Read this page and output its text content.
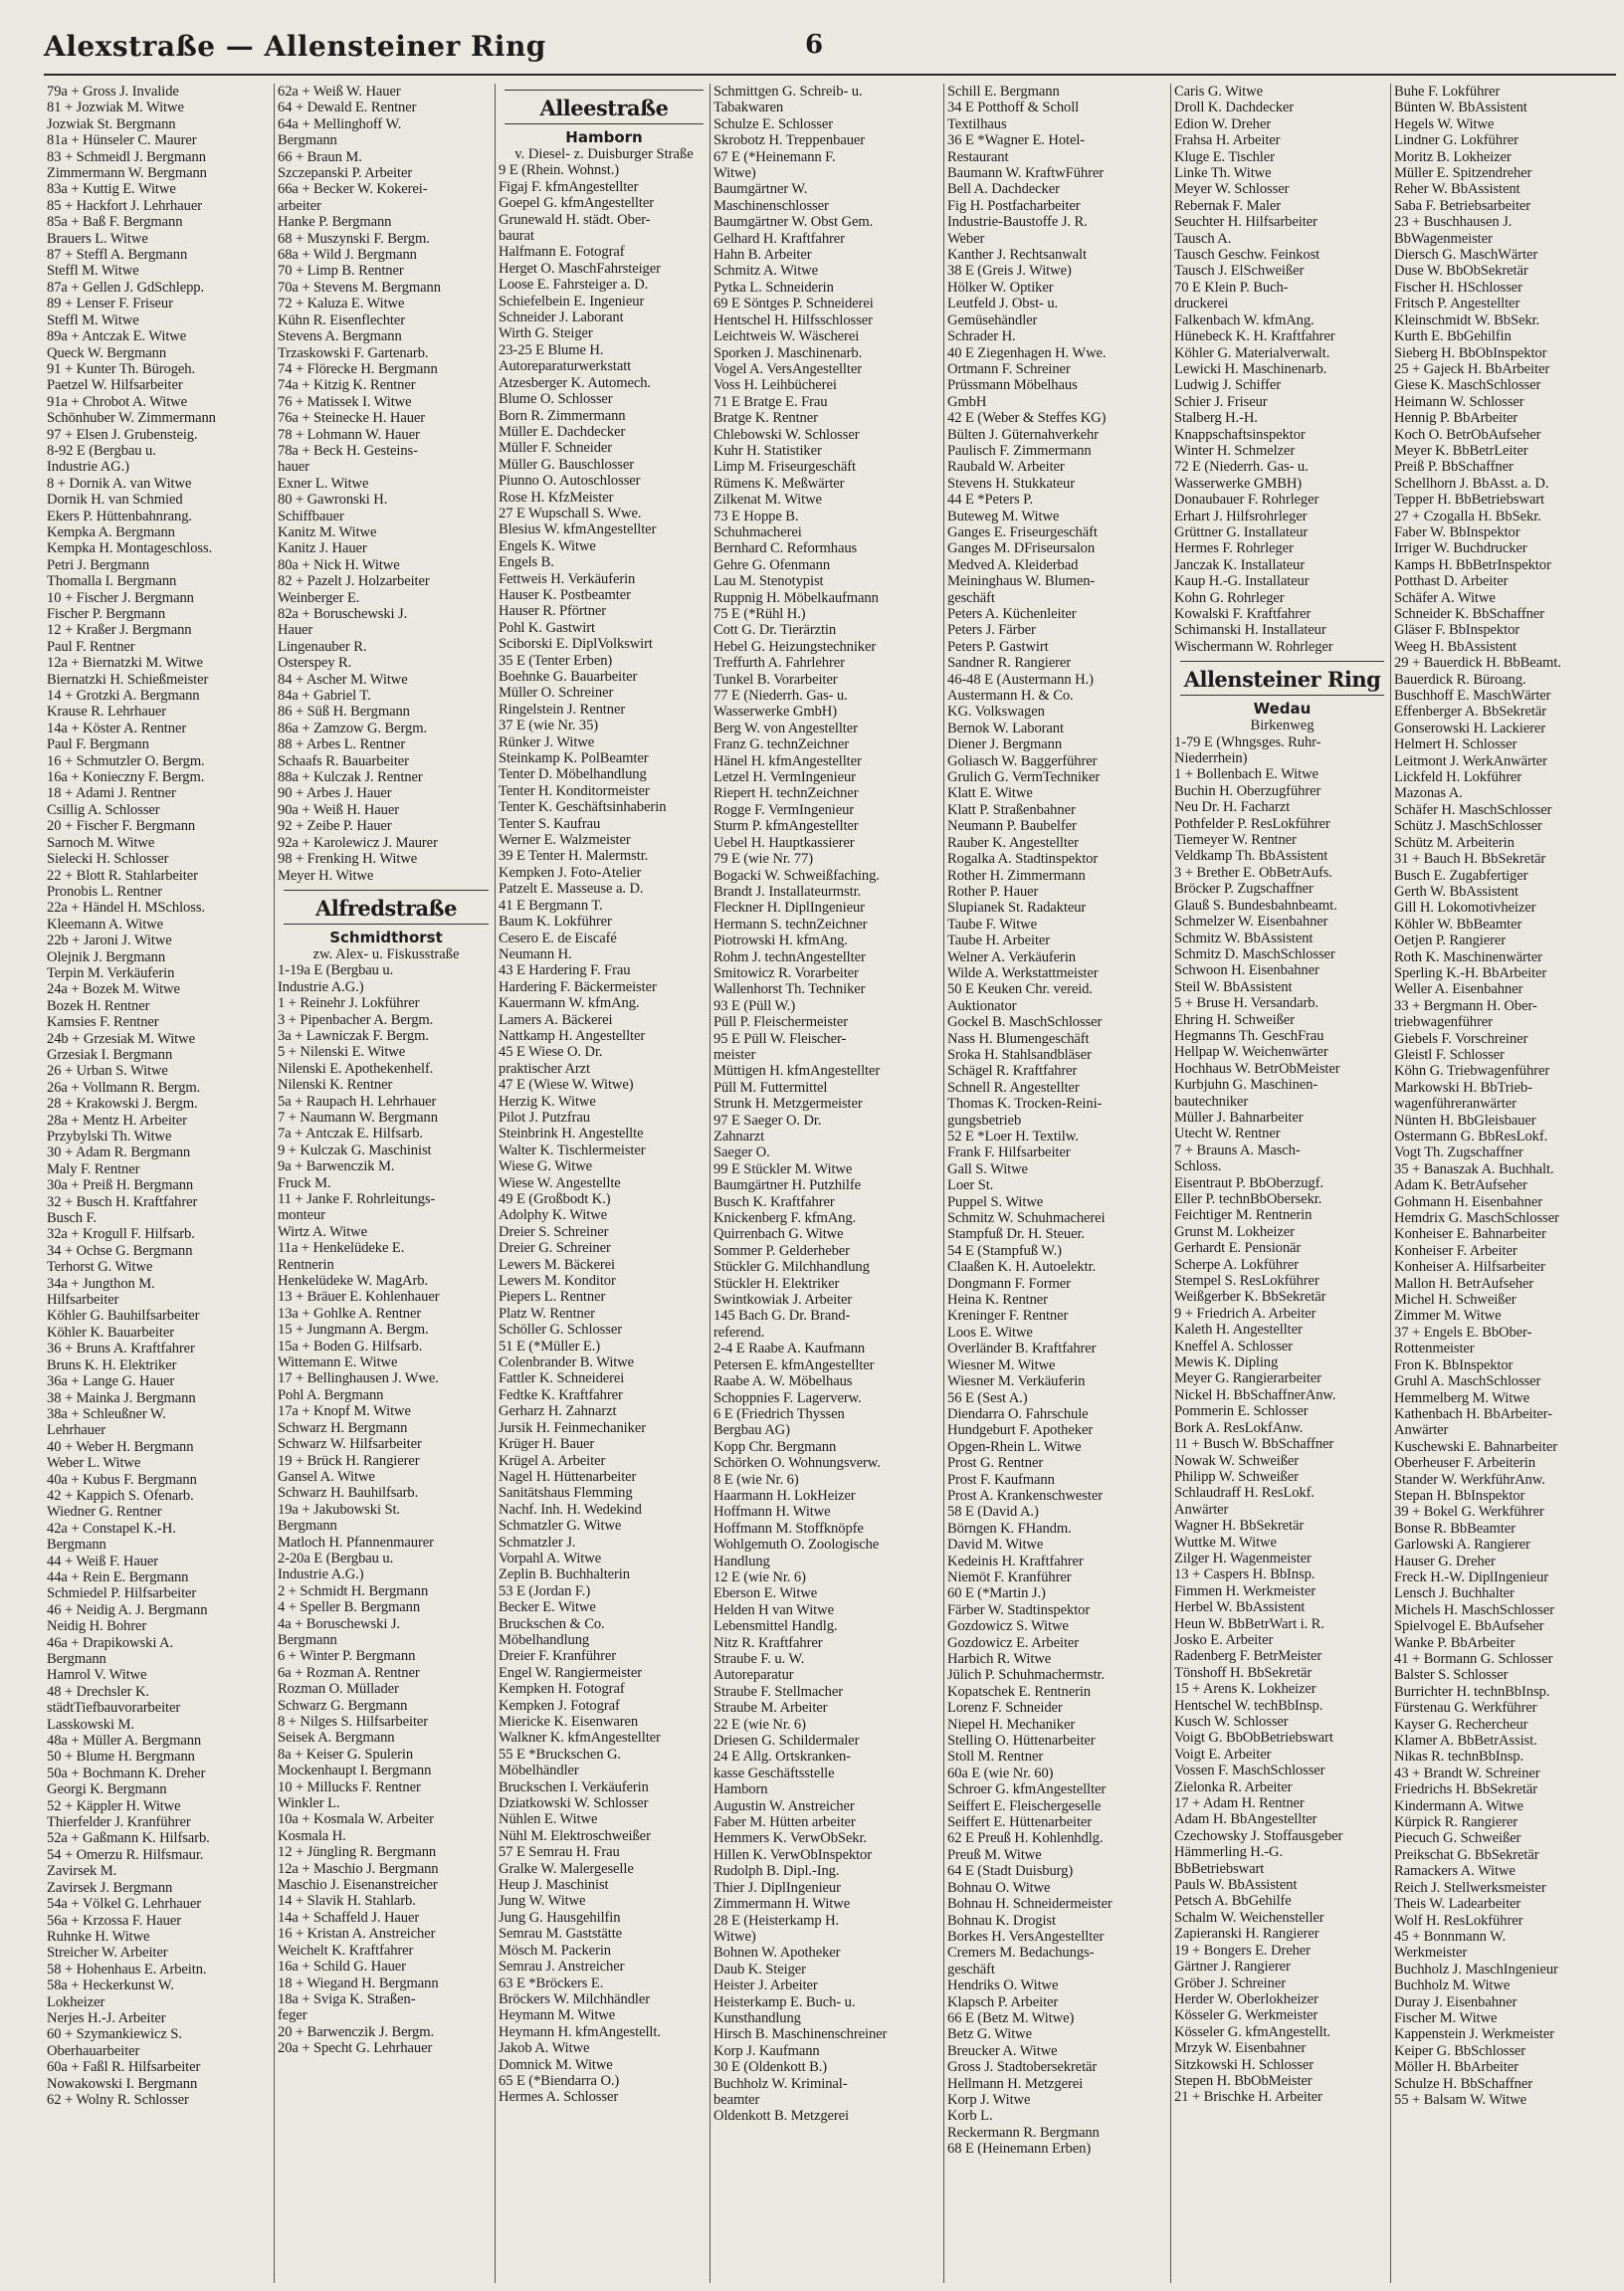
Alexstraße — Allensteiner Ring	6
79a + Gross J. Invalide
81 + Jozwiak M. Witwe
Jozwiak St. Bergmann
81a + Hünseler C. Maurer
83 + Schmeidl J. Bergmann
Zimmermann W. Bergmann
83a + Kuttig E. Witwe
85 + Hackfort J. Lehrhauer
85a + Baß F. Bergmann
Brauers L. Witwe
87 + Steffl A. Bergmann
Steffl M. Witwe
87a + Gellen J. GdSchlepp.
89 + Lenser F. Friseur
Steffl M. Witwe
89a + Antczak E. Witwe
Queck W. Bergmann
91 + Kunter Th. Bürogeh.
Paetzel W. Hilfsarbeiter
91a + Chrobot A. Witwe
Schönhuber W. Zimmermann
97 + Elsen J. Grubensteig.
8-92 E (Bergbau u.
Industrie AG.)
8 + Dornik A. van Witwe
Dornik H. van Schmied
Ekers P. Hüttenbahnrang.
Kempka A. Bergmann
Kempka H. Montageschloss.
Petri J. Bergmann
Thomalla I. Bergmann
10 + Fischer J. Bergmann
Fischer P. Bergmann
12 + Kraßer J. Bergmann
Paul F. Rentner
12a + Biernatzki M. Witwe
Biernatzki H. Schießmeister
14 + Grotzki A. Bergmann
Krause R. Lehrhauer
14a + Köster A. Rentner
Paul F. Bergmann
16 + Schmutzler O. Bergm.
16a + Konieczny F. Bergm.
18 + Adami J. Rentner
Csillig A. Schlosser
20 + Fischer F. Bergmann
Sarnoch M. Witwe
Sielecki H. Schlosser
22 + Blott R. Stahlarbeiter
Pronobis L. Rentner
22a + Händel H. MSchloss.
Kleemann A. Witwe
22b + Jaroni J. Witwe
Olejnik J. Bergmann
Terpin M. Verkäuferin
24a + Bozek M. Witwe
Bozek H. Rentner
Kamsies F. Rentner
24b + Grzesiak M. Witwe
Grzesiak I. Bergmann
26 + Urban S. Witwe
26a + Vollmann R. Bergm.
28 + Krakowski J. Bergm.
28a + Mentz H. Arbeiter
Przybylski Th. Witwe
30 + Adam R. Bergmann
Maly F. Rentner
30a + Preiß H. Bergmann
32 + Busch H. Kraftfahrer
Busch F.
32a + Krogull F. Hilfsarb.
34 + Ochse G. Bergmann
Terhorst G. Witwe
34a + Jungthon M.
Hilfsarbeiter
Köhler G. Bauhilfsarbeiter
Köhler K. Bauarbeiter
36 + Bruns A. Kraftfahrer
Bruns K. H. Elektriker
36a + Lange G. Hauer
38 + Mainka J. Bergmann
38a + Schleußner W.
Lehrhauer
40 + Weber H. Bergmann
Weber L. Witwe
40a + Kubus F. Bergmann
42 + Kappich S. Ofenarb.
Wiedner G. Rentner
42a + Constapel K.-H.
Bergmann
44 + Weiß F. Hauer
44a + Rein E. Bergmann
Schmiedel P. Hilfsarbeiter
46 + Neidig A. J. Bergmann
Neidig H. Bohrer
46a + Drapikowski A.
Bergmann
Hamrol V. Witwe
48 + Drechsler K.
städtTiefbauvorarbeiter
Lasskowski M.
48a + Müller A. Bergmann
50 + Blume H. Bergmann
50a + Bochmann K. Dreher
Georgi K. Bergmann
52 + Käppler H. Witwe
Thierfelder J. Kranführer
52a + Gaßmann K. Hilfsarb.
54 + Omerzu R. Hilfsmaur.
Zavirsek M.
Zavirsek J. Bergmann
54a + Völkel G. Lehrhauer
56a + Krzossa F. Hauer
Ruhnke H. Witwe
Streicher W. Arbeiter
58 + Hohenhaus E. Arbeitn.
58a + Heckerkunst W.
Lokheizer
Nerjes H.-J. Arbeiter
60 + Szymankiewicz S.
Oberhauarbeiter
60a + Faßl R. Hilfsarbeiter
Nowakowski I. Bergmann
62 + Wolny R. Schlosser
62a + Weiß W. Hauer
64 + Dewald E. Rentner
64a + Mellinghoff W.
Bergmann
66 + Braun M.
Szczepanski P. Arbeiter
66a + Becker W. Kokerei-
arbeiter
Hanke P. Bergmann
68 + Muszynski F. Bergm.
68a + Wild J. Bergmann
70 + Limp B. Rentner
70a + Stevens M. Bergmann
72 + Kaluza E. Witwe
Kühn R. Eisenflechter
Stevens A. Bergmann
Trzaskowski F. Gartenarb.
74 + Flörecke H. Bergmann
74a + Kitzig K. Rentner
76 + Matissek I. Witwe
76a + Steinecke H. Hauer
78 + Lohmann W. Hauer
78a + Beck H. Gesteins-
hauer
Exner L. Witwe
80 + Gawronski H.
Schiffbauer
Kanitz M. Witwe
Kanitz J. Hauer
80a + Nick H. Witwe
82 + Pazelt J. Holzarbeiter
Weinberger E.
82a + Boruschewski J.
Hauer
Lingenauber R.
Osterspey R.
84 + Ascher M. Witwe
84a + Gabriel T.
86 + Süß H. Bergmann
86a + Zamzow G. Bergm.
88 + Arbes L. Rentner
Schaafs R. Bauarbeiter
88a + Kulczak J. Rentner
90 + Arbes J. Hauer
90a + Weiß H. Hauer
92 + Zeibe P. Hauer
92a + Karolewicz J. Maurer
98 + Frenking H. Witwe
Meyer H. Witwe
Alfredstraße
Schmidthorst
zw. Alex- u. Fiskusstraße
1-19a E (Bergbau u.
Industrie A.G.)
1 + Reinehr J. Lokführer
3 + Pipenbacher A. Bergm.
3a + Lawniczak F. Bergm.
5 + Nilenski E. Witwe
Nilenski E. Apothekenhelf.
Nilenski K. Rentner
5a + Raupach H. Lehrhauer
7 + Naumann W. Bergmann
7a + Antczak E. Hilfsarb.
9 + Kulczak G. Maschinist
9a + Barwenczik M.
Fruck M.
11 + Janke F. Rohrleitungs-
monteur
Wirtz A. Witwe
11a + Henkelüdeke E.
Rentnerin
Henkelüdeke W. MagArb.
13 + Bräuer E. Kohlenhauer
13a + Gohlke A. Rentner
15 + Jungmann A. Bergm.
15a + Boden G. Hilfsarb.
Wittemann E. Witwe
17 + Bellinghausen J. Wwe.
Pohl A. Bergmann
17a + Knopf M. Witwe
Schwarz H. Bergmann
Schwarz W. Hilfsarbeiter
19 + Brück H. Rangierer
Gansel A. Witwe
Schwarz H. Bauhilfsarb.
19a + Jakubowski St.
Bergmann
Matloch H. Pfannenmaurer
2-20a E (Bergbau u.
Industrie A.G.)
2 + Schmidt H. Bergmann
4 + Speller B. Bergmann
4a + Boruschewski J.
Bergmann
6 + Winter P. Bergmann
6a + Rozman A. Rentner
Rozman O. Müllader
Schwarz G. Bergmann
8 + Nilges S. Hilfsarbeiter
Seisek A. Bergmann
8a + Keiser G. Spulerin
Mockenhaupt I. Bergmann
10 + Millucks F. Rentner
Winkler L.
10a + Kosmala W. Arbeiter
Kosmala H.
12 + Jüngling R. Bergmann
12a + Maschio J. Bergmann
Maschio J. Eisenanstreicher
14 + Slavik H. Stahlarb.
14a + Schaffeld J. Hauer
16 + Kristan A. Anstreicher
Weichelt K. Kraftfahrer
16a + Schild G. Hauer
18 + Wiegand H. Bergmann
18a + Sviga K. Straßen-
feger
20 + Barwenczik J. Bergm.
20a + Specht G. Lehrhauer
Alleestraße
Hamborn
v. Diesel- z. Duisburger Straße
9 E (Rhein. Wohnst.)
Figaj F. kfmAngestellter
Goepel G. kfmAngestellter
Grunewald H. städt. Ober-
baurat
Halfmann E. Fotograf
Herget O. MaschFahrsteiger
Loose E. Fahrsteiger a. D.
Schiefelbein E. Ingenieur
Schneider J. Laborant
Wirth G. Steiger
23-25 E Blume H.
Autoreparaturwerkstatt
Atzesberger K. Automech.
Blume O. Schlosser
Born R. Zimmermann
Müller E. Dachdecker
Müller F. Schneider
Müller G. Bauschlosser
Piunno O. Autoschlosser
Rose H. KfzMeister
27 E Wupschall S. Wwe.
Blesius W. kfmAngestellter
Engels K. Witwe
Engels B.
Fettweis H. Verkäuferin
Hauser K. Postbeamter
Hauser R. Pförtner
Pohl K. Gastwirt
Sciborski E. DiplVolkswirt
35 E (Tenter Erben)
Boehnke G. Bauarbeiter
Müller O. Schreiner
Ringelstein J. Rentner
37 E (wie Nr. 35)
Rünker J. Witwe
Steinkamp K. PolBeamter
Tenter D. Möbelhandlung
Tenter H. Konditormeister
Tenter K. Geschäftsinhaberin
Tenter S. Kaufrau
Werner E. Walzmeister
39 E Tenter H. Malermstr.
Kempken J. Foto-Atelier
Patzelt E. Masseuse a. D.
41 E Bergmann T.
Baum K. Lokführer
Cesero E. de Eiscafé
Neumann H.
43 E Hardering F. Frau
Hardering F. Bäckermeister
Kauermann W. kfmAng.
Lamers A. Bäckerei
Nattkamp H. Angestellter
45 E Wiese O. Dr.
praktischer Arzt
47 E (Wiese W. Witwe)
Herzig K. Witwe
Pilot J. Putzfrau
Steinbrink H. Angestellte
Walter K. Tischlermeister
Wiese G. Witwe
Wiese W. Angestellte
49 E (Großbodt K.)
Adolphy K. Witwe
Dreier S. Schreiner
Dreier G. Schreiner
Lewers M. Bäckerei
Lewers M. Konditor
Piepers L. Rentner
Platz W. Rentner
Schöller G. Schlosser
51 E (*Müller E.)
Colenbrander B. Witwe
Fattler K. Schneiderei
Fedtke K. Kraftfahrer
Gerharz H. Zahnarzt
Jursik H. Feinmechaniker
Krüger H. Bauer
Krügel A. Arbeiter
Nagel H. Hüttenarbeiter
Sanitätshaus Flemming
Nachf. Inh. H. Wedekind
Schmatzler G. Witwe
Schmatzler J.
Vorpahl A. Witwe
Zeplin B. Buchhalterin
53 E (Jordan F.)
Becker E. Witwe
Bruckschen & Co.
Möbelhandlung
Dreier F. Kranführer
Engel W. Rangiermeister
Kempken H. Fotograf
Kempken J. Fotograf
Miericke K. Eisenwaren
Walkner K. kfmAngestellter
55 E *Bruckschen G.
Möbelhändler
Bruckschen I. Verkäuferin
Dziatkowski W. Schlosser
Nühlen E. Witwe
Nühl M. Elektroschweißer
57 E Semrau H. Frau
Gralke W. Malergeselle
Heup J. Maschinist
Jung W. Witwe
Jung G. Hausgehilfin
Semrau M. Gaststätte
Mösch M. Packerin
Semrau J. Anstreicher
63 E *Bröckers E.
Bröckers W. Milchhändler
Heymann M. Witwe
Heymann H. kfmAngestellt.
Jakob A. Witwe
Domnick M. Witwe
65 E (*Biendarra O.)
Hermes A. Schlosser
Schmittgen G. Schreib- u.
Tabakwaren
Schulze E. Schlosser
Skrobotz H. Treppenbauer
67 E (*Heinemann F.
Witwe)
Baumgärtner W.
Maschinenschlosser
Baumgärtner W. Obst Gem.
Gelhard H. Kraftfahrer
Hahn B. Arbeiter
Schmitz A. Witwe
Pytka L. Schneiderin
69 E Söntges P. Schneiderei
Hentschel H. Hilfsschlosser
Leichtweis W. Wäscherei
Sporken J. Maschinenarb.
Vogel A. VersAngestellter
Voss H. Leihbücherei
71 E Bratge E. Frau
Bratge K. Rentner
Chlebowski W. Schlosser
Kuhr H. Statistiker
Limp M. Friseurgeschäft
Rümens K. Meßwärter
Zilkenat M. Witwe
73 E Hoppe B.
Schuhmacherei
Bernhard C. Reformhaus
Gehre G. Ofenmann
Lau M. Stenotypist
Ruppnig H. Möbelkaufmann
75 E (*Rühl H.)
Cott G. Dr. Tierärztin
Hebel G. Heizungstechniker
Treffurth A. Fahrlehrer
Tunkel B. Vorarbeiter
77 E (Niederrh. Gas- u.
Wasserwerke GmbH)
Berg W. von Angestellter
Franz G. technZeichner
Hänel H. kfmAngestellter
Letzel H. VermIngenieur
Riepert H. technZeichner
Rogge F. VermIngenieur
Sturm P. kfmAngestellter
Uebel H. Hauptkassierer
79 E (wie Nr. 77)
Bogacki W. Schweißfaching.
Brandt J. Installateurmstr.
Fleckner H. DiplIngenieur
Hermann S. technZeichner
Piotrowski H. kfmAng.
Rohm J. technAngestellter
Smitowicz R. Vorarbeiter
Wallenhorst Th. Techniker
93 E (Püll W.)
Püll P. Fleischermeister
95 E Püll W. Fleischer-
meister
Müttigen H. kfmAngestellter
Püll M. Futtermittel
Strunk H. Metzgermeister
97 E Saeger O. Dr.
Zahnarzt
Saeger O.
99 E Stückler M. Witwe
Baumgärtner H. Putzhilfe
Busch K. Kraftfahrer
Knickenberg F. kfmAng.
Quirrenbach G. Witwe
Sommer P. Gelderheber
Stückler G. Milchhandlung
Stückler H. Elektriker
Swintkowiak J. Arbeiter
145 Bach G. Dr. Brand-
referend.
2-4 E Raabe A. Kaufmann
Petersen E. kfmAngestellter
Raabe A. W. Möbelhaus
Schoppnies F. Lagerverw.
6 E (Friedrich Thyssen
Bergbau AG)
Kopp Chr. Bergmann
Schörken O. Wohnungsverw.
8 E (wie Nr. 6)
Haarmann H. LokHeizer
Hoffmann H. Witwe
Hoffmann M. Stoffknöpfe
Wohlgemuth O. Zoologische
Handlung
12 E (wie Nr. 6)
Eberson E. Witwe
Helden H van Witwe
Lebensmittel Handlg.
Nitz R. Kraftfahrer
Straube F. u. W.
Autoreparatur
Straube F. Stellmacher
Straube M. Arbeiter
22 E (wie Nr. 6)
Driesen G. Schildermaler
24 E Allg. Ortskranken-
kasse Geschäftsstelle
Hamborn
Augustin W. Anstreicher
Faber M. Hütten arbeiter
Hemmers K. VerwObSekr.
Hillen K. VerwObInspektor
Rudolph B. Dipl.-Ing.
Thier J. DiplIngenieur
Zimmermann H. Witwe
28 E (Heisterkamp H.
Witwe)
Bohnen W. Apotheker
Daub K. Steiger
Heister J. Arbeiter
Heisterkamp E. Buch- u.
Kunsthandlung
Hirsch B. Maschinenschreiner
Korp J. Kaufmann
30 E (Oldenkott B.)
Buchholz W. Kriminal-
beamter
Oldenkott B. Metzgerei
Schill E. Bergmann
34 E Potthoff & Scholl
Textilhaus
36 E *Wagner E. Hotel-
Restaurant
Baumann W. KraftwFührer
Bell A. Dachdecker
Fig H. Postfacharbeiter
Industrie-Baustoffe J. R.
Weber
Kanther J. Rechtsanwalt
38 E (Greis J. Witwe)
Hölker W. Optiker
Leutfeld J. Obst- u.
Gemüsehändler
Schrader H.
40 E Ziegenhagen H. Wwe.
Ortmann F. Schreiner
Prüssmann Möbelhaus
GmbH
42 E (Weber & Steffes KG)
Bülten J. Güternahverkehr
Paulisch F. Zimmermann
Raubald W. Arbeiter
Stevens H. Stukkateur
44 E *Peters P.
Buteweg M. Witwe
Ganges E. Friseurgeschäft
Ganges M. DFriseursalon
Medved A. Kleiderbad
Meininghaus W. Blumen-
geschäft
Peters A. Küchenleiter
Peters J. Färber
Peters P. Gastwirt
Sandner R. Rangierer
46-48 E (Austermann H.)
Austermann H. & Co.
KG. Volkswagen
Bernok W. Laborant
Diener J. Bergmann
Goliasch W. Baggerführer
Grulich G. VermTechniker
Klatt E. Witwe
Klatt P. Straßenbahner
Neumann P. Baubelfer
Rauber K. Angestellter
Rogalka A. Stadtinspektor
Rother H. Zimmermann
Rother P. Hauer
Slupianek St. Radakteur
Taube F. Witwe
Taube H. Arbeiter
Welner A. Verkäuferin
Wilde A. Werkstattmeister
50 E Keuken Chr. vereid.
Auktionator
Gockel B. MaschSchlosser
Nass H. Blumengeschäft
Sroka H. Stahlsandbläser
Schägel R. Kraftfahrer
Schnell R. Angestellter
Thomas K. Trocken-Reini-
gungsbetrieb
52 E *Loer H. Textilw.
Frank F. Hilfsarbeiter
Gall S. Witwe
Loer St.
Puppel S. Witwe
Schmitz W. Schuhmacherei
Stampfuß Dr. H. Steuer.
54 E (Stampfuß W.)
Claaßen K. H. Autoelektr.
Dongmann F. Former
Heina K. Rentner
Kreninger F. Rentner
Loos E. Witwe
Overländer B. Kraftfahrer
Wiesner M. Witwe
Wiesner M. Verkäuferin
56 E (Sest A.)
Diendarra O. Fahrschule
Hundgeburt F. Apotheker
Opgen-Rhein L. Witwe
Prost G. Rentner
Prost F. Kaufmann
Prost A. Krankenschwester
58 E (David A.)
Börngen K. FHandm.
David M. Witwe
Kedeinis H. Kraftfahrer
Niemöt F. Kranführer
60 E (*Martin J.)
Färber W. Stadtinspektor
Gozdowicz S. Witwe
Gozdowicz E. Arbeiter
Harbich R. Witwe
Jülich P. Schuhmachermstr.
Kopatschek E. Rentnerin
Lorenz F. Schneider
Niepel H. Mechaniker
Stelling O. Hüttenarbeiter
Stoll M. Rentner
60a E (wie Nr. 60)
Schroer G. kfmAngestellter
Seiffert E. Fleischergeselle
Seiffert E. Hüttenarbeiter
62 E Preuß H. Kohlenhdlg.
Preuß M. Witwe
64 E (Stadt Duisburg)
Bohnau O. Witwe
Bohnau H. Schneidermeister
Bohnau K. Drogist
Borkes H. VersAngestellter
Cremers M. Bedachungs-
geschäft
Hendriks O. Witwe
Klapsch P. Arbeiter
66 E (Betz M. Witwe)
Betz G. Witwe
Breucker A. Witwe
Gross J. Stadtobersekretär
Hellmann H. Metzgerei
Korp J. Witwe
Korb L.
Reckermann R. Bergmann
68 E (Heinemann Erben)
Caris G. Witwe
Droll K. Dachdecker
Edion W. Dreher
Frahsa H. Arbeiter
Kluge E. Tischler
Linke Th. Witwe
Meyer W. Schlosser
Rebernak F. Maler
Seuchter H. Hilfsarbeiter
Tausch A.
Tausch Geschw. Feinkost
Tausch J. ElSchweißer
70 E Klein P. Buch-
druckerei
Falkenbach W. kfmAng.
Hünebeck K. H. Kraftfahrer
Köhler G. Materialverwalt.
Lewicki H. Maschinenarb.
Ludwig J. Schiffer
Schier J. Friseur
Stalberg H.-H.
Knappschaftsinspektor
Winter H. Schmelzer
72 E (Niederrh. Gas- u.
Wasserwerke GMBH)
Donaubauer F. Rohrleger
Erhart J. Hilfsrohrleger
Grüttner G. Installateur
Hermes F. Rohrleger
Janczak K. Installateur
Kaup H.-G. Installateur
Kohn G. Rohrleger
Kowalski F. Kraftfahrer
Schimanski H. Installateur
Wischermann W. Rohrleger
Allensteiner Ring
Wedau
Birkenweg
1-79 E (Whngsges. Ruhr-
Niederrhein)
1 + Bollenbach E. Witwe
Buchin H. Oberzugführer
Neu Dr. H. Facharzt
Pothfelder P. ResLokführer
Tiemeyer W. Rentner
Veldkamp Th. BbAssistent
3 + Brether E. ObBetrAufs.
Bröcker P. Zugschaffner
Glauß S. Bundesbahnbeamt.
Schmelzer W. Eisenbahner
Schmitz W. BbAssistent
Schmitz D. MaschSchlosser
Schwoon H. Eisenbahner
Steil W. BbAssistent
5 + Bruse H. Versandarb.
Ehring H. Schweißer
Hegmanns Th. GeschFrau
Hellpap W. Weichenwärter
Hochhaus W. BetrObMeister
Kurbjuhn G. Maschinen-
bautechniker
Müller J. Bahnarbeiter
Utecht W. Rentner
7 + Brauns A. Masch-
Schloss.
Eisentraut P. BbOberzugf.
Eller P. technBbObersekr.
Feichtiger M. Rentnerin
Grunst M. Lokheizer
Gerhardt E. Pensionär
Scherpe A. Lokführer
Stempel S. ResLokführer
Weißgerber K. BbSekretär
9 + Friedrich A. Arbeiter
Kaleth H. Angestellter
Kneffel A. Schlosser
Mewis K. Dipling
Meyer G. Rangierarbeiter
Nickel H. BbSchaffnerAnw.
Pommerin E. Schlosser
Bork A. ResLokfAnw.
11 + Busch W. BbSchaffner
Nowak W. Schweißer
Philipp W. Schweißer
Schlaudraff H. ResLokf.
Anwärter
Wagner H. BbSekretär
Wuttke M. Witwe
Zilger H. Wagenmeister
13 + Caspers H. BbInsp.
Fimmen H. Werkmeister
Herbel W. BbAssistent
Heun W. BbBetrWart i. R.
Josko E. Arbeiter
Radenberg F. BetrMeister
Tönshoff H. BbSekretär
15 + Arens K. Lokheizer
Hentschel W. techBbInsp.
Kusch W. Schlosser
Voigt G. BbObBetriebswart
Voigt E. Arbeiter
Vossen F. MaschSchlosser
Zielonka R. Arbeiter
17 + Adam H. Rentner
Adam H. BbAngestellter
Czechowsky J. Stoffausgeber
Hämmerling H.-G.
BbBetriebswart
Pauls W. BbAssistent
Petsch A. BbGehilfe
Schalm W. Weichensteller
Zapieranski H. Rangierer
19 + Bongers E. Dreher
Gärtner J. Rangierer
Gröber J. Schreiner
Herder W. Oberlokheizer
Kösseler G. Werkmeister
Kösseler G. kfmAngestellt.
Mrzyk W. Eisenbahner
Sitzkowski H. Schlosser
Stepen H. BbObMeister
21 + Brischke H. Arbeiter
Buhe F. Lokführer
Bünten W. BbAssistent
Hegels W. Witwe
Lindner G. Lokführer
Moritz B. Lokheizer
Müller E. Spitzendreher
Reher W. BbAssistent
Saba F. Betriebsarbeiter
23 + Buschhausen J.
BbWagenmeister
Diersch G. MaschWärter
Duse W. BbObSekretär
Fischer H. HSchlosser
Fritsch P. Angestellter
Kleinschmidt W. BbSekr.
Kurth E. BbGehilfin
Sieberg H. BbObInspektor
25 + Gajeck H. BbArbeiter
Giese K. MaschSchlosser
Heimann W. Schlosser
Hennig P. BbArbeiter
Koch O. BetrObAufseher
Meyer K. BbBetrLeiter
Preiß P. BbSchaffner
Schellhorn J. BbAsst. a. D.
Tepper H. BbBetriebswart
27 + Czogalla H. BbSekr.
Faber W. BbInspektor
Irriger W. Buchdrucker
Kamps H. BbBetrInspektor
Potthast D. Arbeiter
Schäfer A. Witwe
Schneider K. BbSchaffner
Gläser F. BbInspektor
Weeg H. BbAssistent
29 + Bauerdick H. BbBeamt.
Bauerdick R. Büroang.
Buschhoff E. MaschWärter
Effenberger A. BbSekretär
Gonserowski H. Lackierer
Helmert H. Schlosser
Leitmont J. WerkAnwärter
Lickfeld H. Lokführer
Mazonas A.
Schäfer H. MaschSchlosser
Schütz J. MaschSchlosser
Schütz M. Arbeiterin
31 + Bauch H. BbSekretär
Busch E. Zugabfertiger
Gerth W. BbAssistent
Gill H. Lokomotivheizer
Köhler W. BbBeamter
Oetjen P. Rangierer
Roth K. Maschinenwärter
Sperling K.-H. BbArbeiter
Weller A. Eisenbahner
33 + Bergmann H. Ober-
triebwagenführer
Giebels F. Vorschreiner
Gleistl F. Schlosser
Köhn G. Triebwagenführer
Markowski H. BbTrieb-
wagenführeranwärter
Nünten H. BbGleisbauer
Ostermann G. BbResLokf.
Vogt Th. Zugschaffner
35 + Banaszak A. Buchhalt.
Adam K. BetrAufseher
Gohmann H. Eisenbahner
Hemdrix G. MaschSchlosser
Konheiser E. Bahnarbeiter
Konheiser F. Arbeiter
Konheiser A. Hilfsarbeiter
Mallon H. BetrAufseher
Michel H. Schweißer
Zimmer M. Witwe
37 + Engels E. BbOber-
Rottenmeister
Fron K. BbInspektor
Gruhl A. MaschSchlosser
Hemmelberg M. Witwe
Kathenbach H. BbArbeiter-
Anwärter
Kuschewski E. Bahnarbeiter
Oberheuser F. Arbeiterin
Stander W. WerkführAnw.
Stepan H. BbInspektor
39 + Bokel G. Werkführer
Bonse R. BbBeamter
Garlowski A. Rangierer
Hauser G. Dreher
Freck H.-W. DiplIngenieur
Lensch J. Buchhalter
Michels H. MaschSchlosser
Spielvogel E. BbAufseher
Wanke P. BbArbeiter
41 + Bormann G. Schlosser
Balster S. Schlosser
Burrichter H. technBbInsp.
Fürstenau G. Werkführer
Kayser G. Rechercheur
Klamer A. BbBetrAssist.
Nikas R. technBbInsp.
43 + Brandt W. Schreiner
Friedrichs H. BbSekretär
Kindermann A. Witwe
Kürpick R. Rangierer
Piecuch G. Schweißer
Preikschat G. BbSekretär
Ramackers A. Witwe
Reich J. Stellwerksmeister
Theis W. Ladearbeiter
Wolf H. ResLokführer
45 + Bonnmann W.
Werkmeister
Buchholz J. MaschIngenieur
Buchholz M. Witwe
Duray J. Eisenbahner
Fischer M. Witwe
Kappenstein J. Werkmeister
Keiper G. BbSchlosser
Möller H. BbArbeiter
Schulze H. BbSchaffner
55 + Balsam W. Witwe
